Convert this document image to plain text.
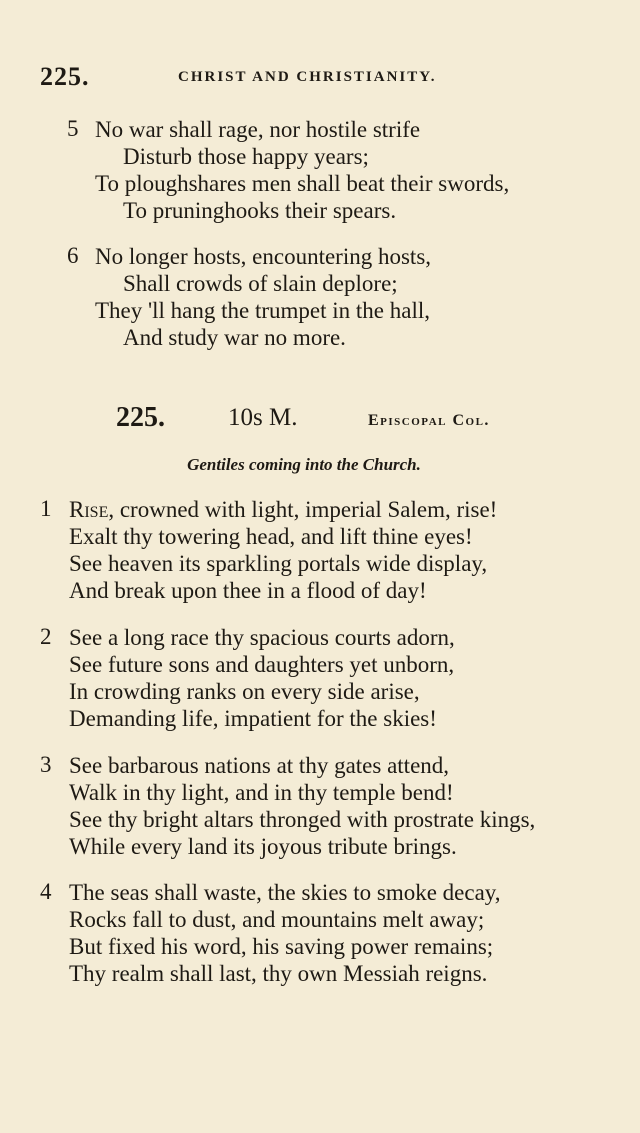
225.	CHRIST AND CHRISTIANITY.
5 No war shall rage, nor hostile strife
Disturb those happy years;
To ploughshares men shall beat their swords,
To pruninghooks their spears.
6 No longer hosts, encountering hosts,
Shall crowds of slain deplore;
They 'll hang the trumpet in the hall,
And study war no more.
225.	10s M.	Episcopal Col.
Gentiles coming into the Church.
1 Rise, crowned with light, imperial Salem, rise!
Exalt thy towering head, and lift thine eyes!
See heaven its sparkling portals wide display,
And break upon thee in a flood of day!
2 See a long race thy spacious courts adorn,
See future sons and daughters yet unborn,
In crowding ranks on every side arise,
Demanding life, impatient for the skies!
3 See barbarous nations at thy gates attend,
Walk in thy light, and in thy temple bend!
See thy bright altars thronged with prostrate kings,
While every land its joyous tribute brings.
4 The seas shall waste, the skies to smoke decay,
Rocks fall to dust, and mountains melt away;
But fixed his word, his saving power remains;
Thy realm shall last, thy own Messiah reigns.
